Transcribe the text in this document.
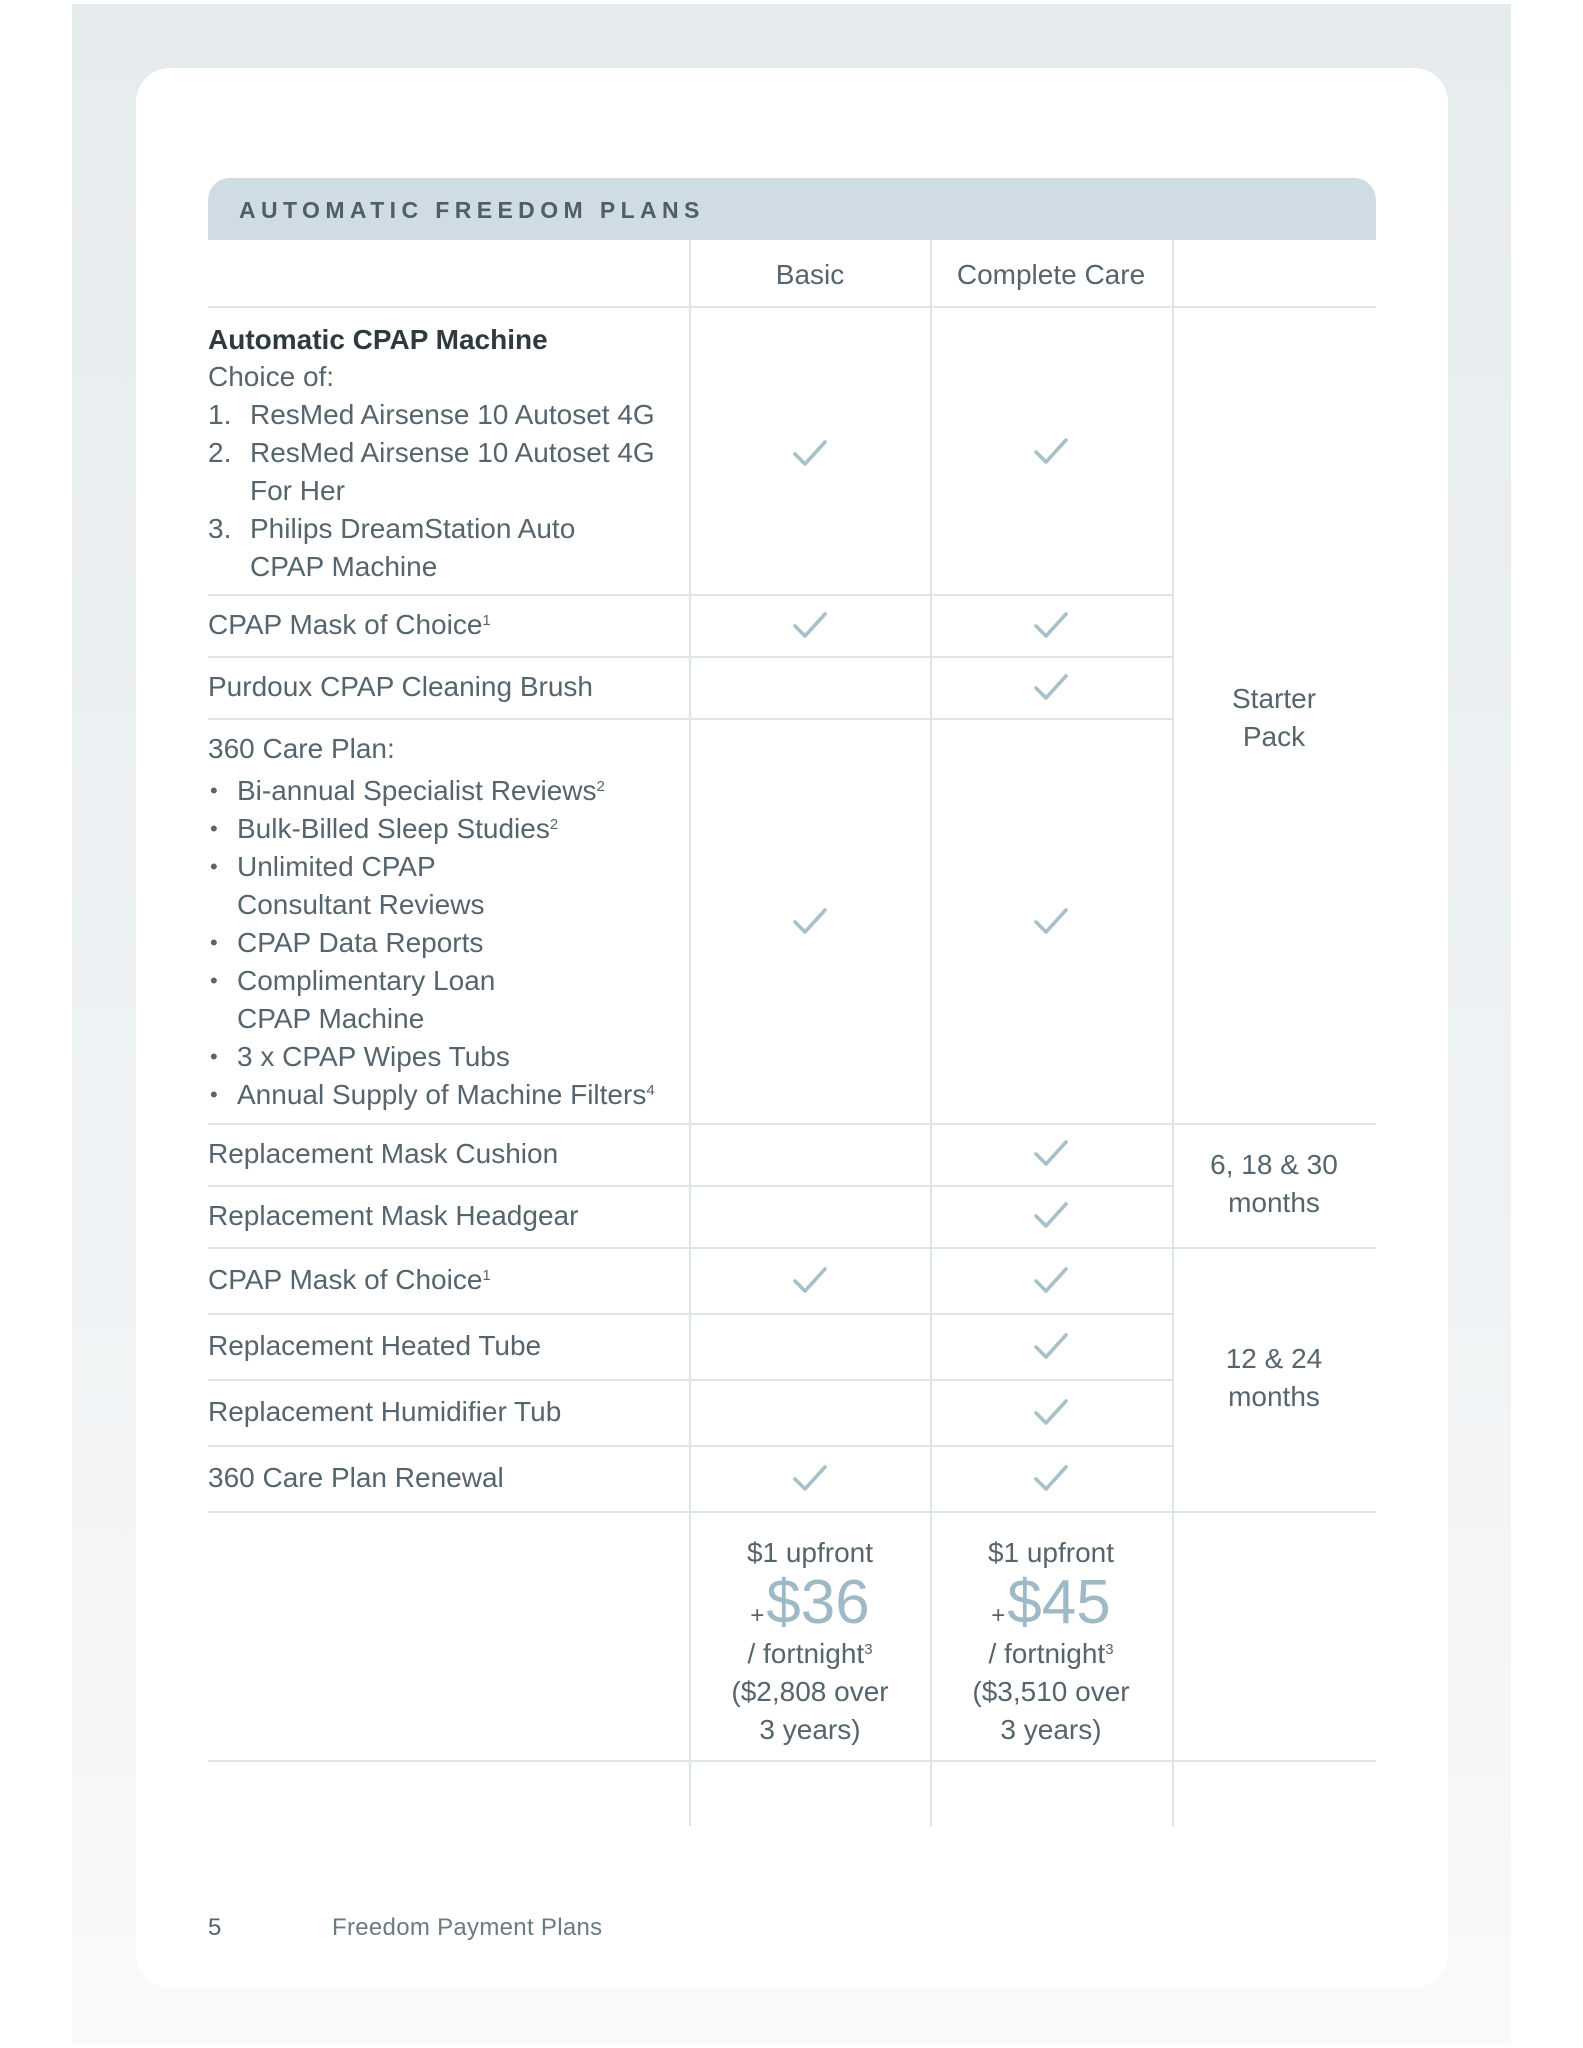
AUTOMATIC FREEDOM PLANS
Basic	Complete Care
Automatic CPAP Machine
Choice of:
1. ResMed Airsense 10 Autoset 4G
2. ResMed Airsense 10 Autoset 4G
For Her
3. Philips DreamStation Auto
CPAP Machine
CPAP Mask of Choice$^1$
Purdoux CPAP Cleaning Brush
360 Care Plan:
• Bi-annual Specialist Reviews$^2$
• Bulk-Billed Sleep Studies$^2$
• Unlimited CPAP
Consultant Reviews
• CPAP Data Reports
• Complimentary Loan
CPAP Machine
• 3 x CPAP Wipes Tubs
• Annual Supply of Machine Filters$^4$
Replacement Mask Cushion
Replacement Mask Headgear
CPAP Mask of Choice$^1$
Replacement Heated Tube
Replacement Humidifier Tub
360 Care Plan Renewal
Starter
Pack
6, 18 & 30
months
12 & 24
months
$1 upfront
+$36
/ fortnight$^3$
($2,808 over
3 years)
$1 upfront
+$45
/ fortnight$^3$
($3,510 over
3 years)
5	Freedom Payment Plans
